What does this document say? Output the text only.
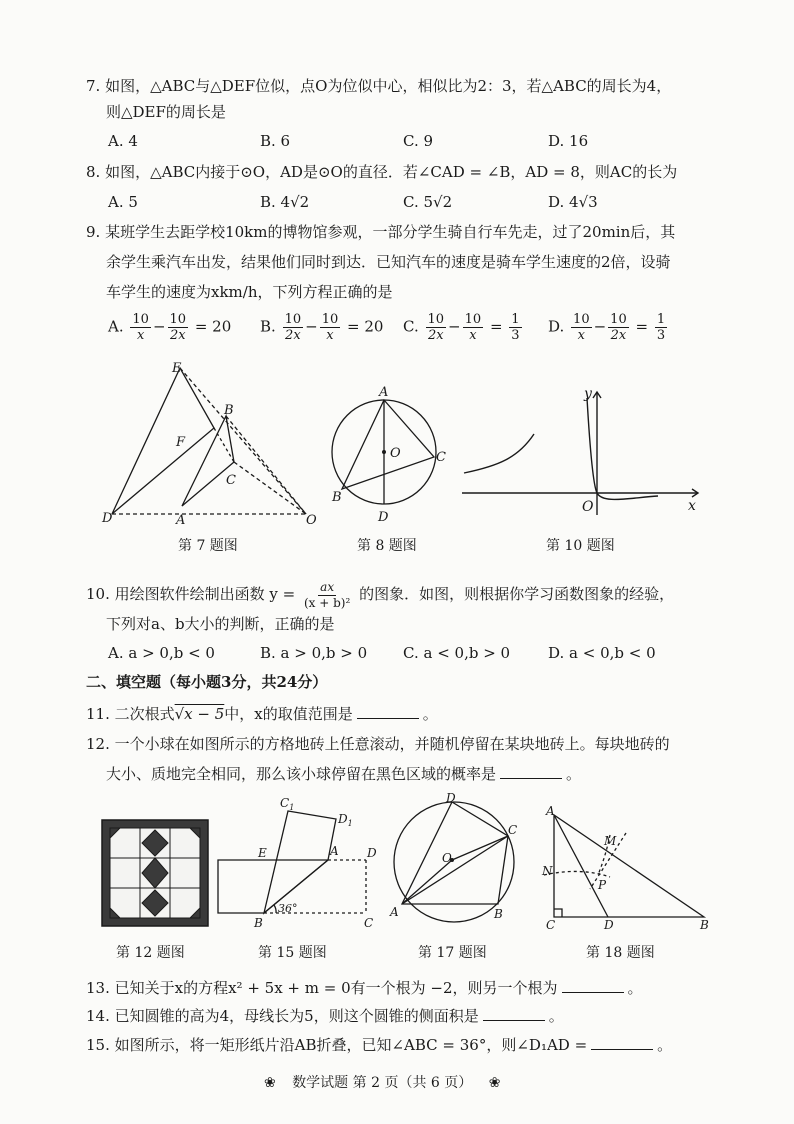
7. 如图，△ABC与△DEF位似，点O为位似中心，相似比为2：3，若△ABC的周长为4，
则△DEF的周长是
A. 4	B. 6	C. 9	D. 16
8. 如图，△ABC内接于⊙O，AD是⊙O的直径．若∠CAD = ∠B，AD = 8，则AC的长为
A. 5	B. 4√2	C. 5√2	D. 4√3
9. 某班学生去距学校10km的博物馆参观，一部分学生骑自行车先走，过了20min后，其
余学生乘汽车出发，结果他们同时到达．已知汽车的速度是骑车学生速度的2倍，设骑
车学生的速度为xkm/h，下列方程正确的是
A. $\frac{10}{x} - \frac{10}{2x} = 20$ B. $\frac{10}{2x} - \frac{10}{x} = 20$ C. $\frac{10}{2x} - \frac{10}{x} = \frac{1}{3} D$. $\frac{10}{x} - \frac{10}{2x} = \frac{1}{3}$
E
B
F
C
D	A	O
第 7 题图
A
O	C
B
D
第 8 题图
y
O	x
第 10 题图
10. 用绘图软件绘制出函数 $y = \frac{ax}{\text{(x + b)²}}$ 的图象．如图，则根据你学习函数图象的经验，
下列对a、b大小的判断，正确的是
A. a > 0,b < 0	B. a > 0,b > 0 C. a < 0,b > 0	D. a < 0,b < 0
二、填空题（每小题3分，共24分）
11. 二次根式√x − 5中，x的取值范围是	。
12. 一个小球在如图所示的方格地砖上任意滚动，并随机停留在某块地砖上。每块地砖的
大小、质地完全相同，那么该小球停留在黑色区域的概率是	。
第 12 题图
$C_1$
$D_1$
E	A D
B	C
36°
第 15 题图
D
C
O
A	B
第 17 题图
A
M
N
P
C	D	B
第 18 题图
13. 已知关于x的方程x² + 5x + m = 0有一个根为 −2，则另一个根为	。
14. 已知圆锥的高为4，母线长为5，则这个圆锥的侧面积是	。
15. 如图所示，将一矩形纸片沿AB折叠，已知∠ABC = 36°，则∠D₁AD =	。
❀ 数学试题 第 2 页（共 6 页） ❀
